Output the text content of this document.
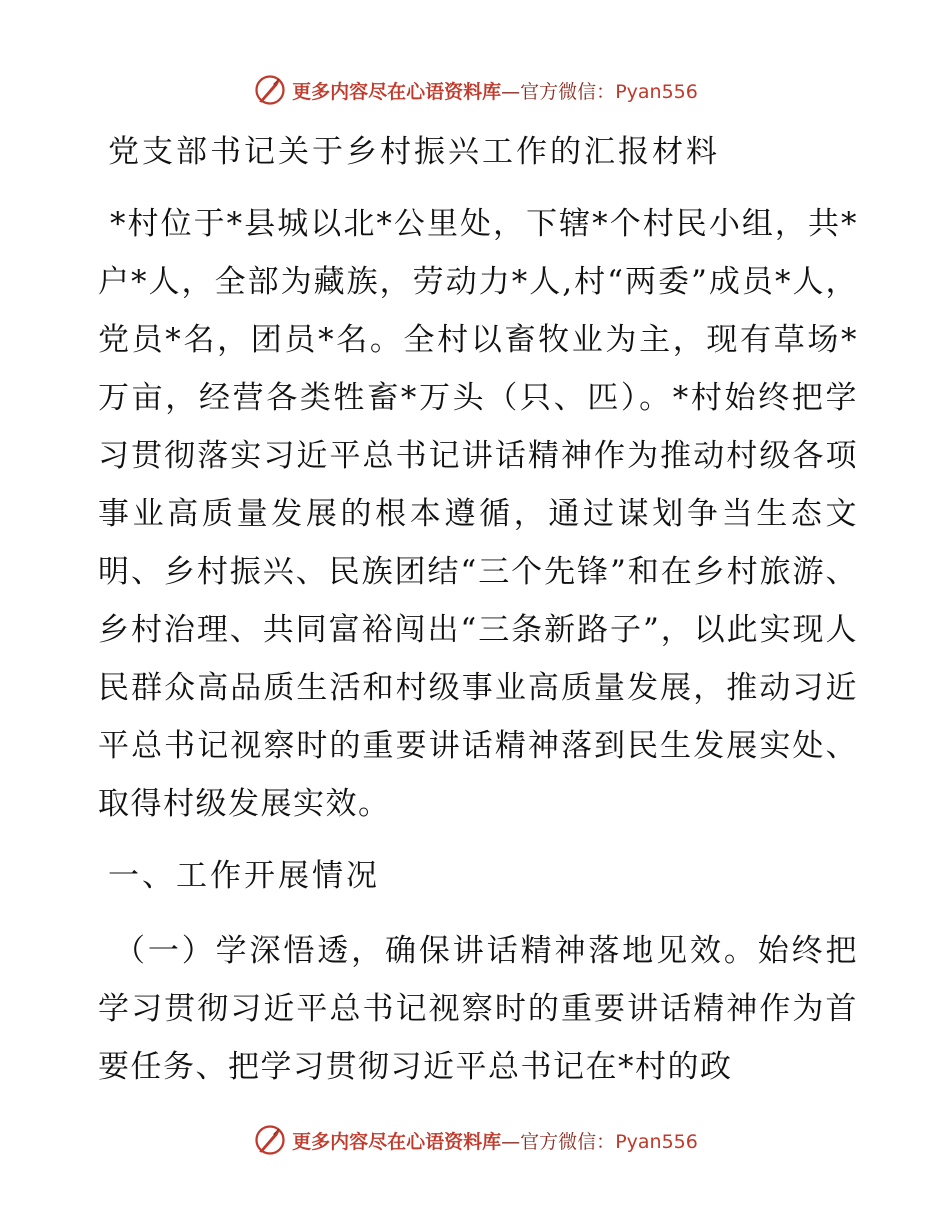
更多内容尽在心语资料库—官方微信：Pyan556
党支部书记关于乡村振兴工作的汇报材料

*村位于*县城以北*公里处，下辖*个村民小组，共*户*人，全部为藏族，劳动力*人,村“两委”成员*人，党员*名，团员*名。全村以畜牧业为主，现有草场*万亩，经营各类牲畜*万头（只、匹）。*村始终把学习贯彻落实习近平总书记讲话精神作为推动村级各项事业高质量发展的根本遵循，通过谋划争当生态文明、乡村振兴、民族团结“三个先锋”和在乡村旅游、乡村治理、共同富裕闯出“三条新路子”，以此实现人民群众高品质生活和村级事业高质量发展，推动习近平总书记视察时的重要讲话精神落到民生发展实处、取得村级发展实效。

一、工作开展情况

（一）学深悟透，确保讲话精神落地见效。始终把学习贯彻习近平总书记视察时的重要讲话精神作为首要任务、把学习贯彻习近平总书记在*村的政

更多内容尽在心语资料库—官方微信：Pyan556
